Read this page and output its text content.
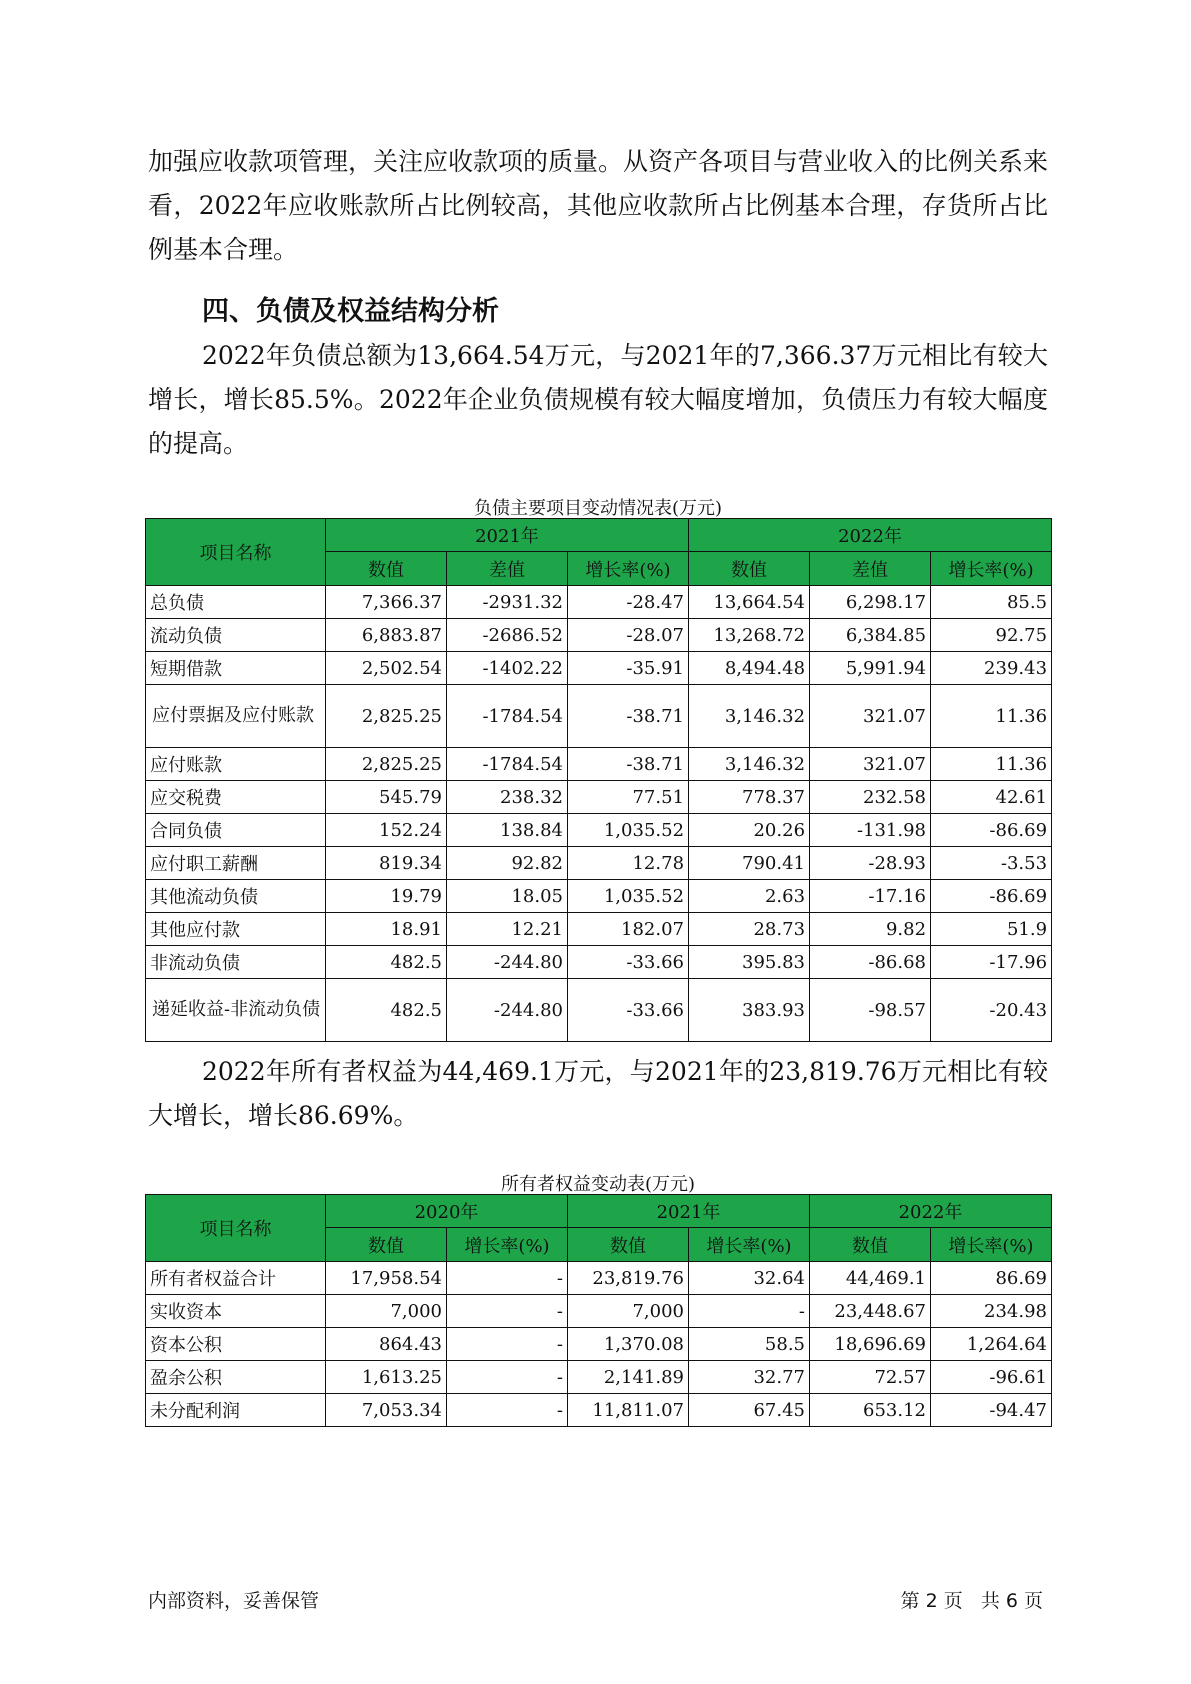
加强应收款项管理，关注应收款项的质量。从资产各项目与营业收入的比例关系来看，2022年应收账款所占比例较高，其他应收款所占比例基本合理，存货所占比例基本合理。

四、负债及权益结构分析

2022年负债总额为13,664.54万元，与2021年的7,366.37万元相比有较大增长，增长85.5%。2022年企业负债规模有较大幅度增加，负债压力有较大幅度的提高。

负债主要项目变动情况表(万元)

项目名称	2021年			2022年		
	数值	差值	增长率(%)	数值	差值	增长率(%)
总负债	7,366.37	-2931.32	-28.47	13,664.54	6,298.17	85.5
流动负债	6,883.87	-2686.52	-28.07	13,268.72	6,384.85	92.75
短期借款	2,502.54	-1402.22	-35.91	8,494.48	5,991.94	239.43
应付票据及应付账款	2,825.25	-1784.54	-38.71	3,146.32	321.07	11.36
应付账款	2,825.25	-1784.54	-38.71	3,146.32	321.07	11.36
应交税费	545.79	238.32	77.51	778.37	232.58	42.61
合同负债	152.24	138.84	1,035.52	20.26	-131.98	-86.69
应付职工薪酬	819.34	92.82	12.78	790.41	-28.93	-3.53
其他流动负债	19.79	18.05	1,035.52	2.63	-17.16	-86.69
其他应付款	18.91	12.21	182.07	28.73	9.82	51.9
非流动负债	482.5	-244.80	-33.66	395.83	-86.68	-17.96
递延收益-非流动负债	482.5	-244.80	-33.66	383.93	-98.57	-20.43

2022年所有者权益为44,469.1万元，与2021年的23,819.76万元相比有较大增长，增长86.69%。

所有者权益变动表(万元)

项目名称	2020年		2021年		2022年	
	数值	增长率(%)	数值	增长率(%)	数值	增长率(%)
所有者权益合计	17,958.54	-	23,819.76	32.64	44,469.1	86.69
实收资本	7,000	-	7,000	-	23,448.67	234.98
资本公积	864.43	-	1,370.08	58.5	18,696.69	1,264.64
盈余公积	1,613.25	-	2,141.89	32.77	72.57	-96.61
未分配利润	7,053.34	-	11,811.07	67.45	653.12	-94.47

内部资料，妥善保管	第 2 页   共 6 页
